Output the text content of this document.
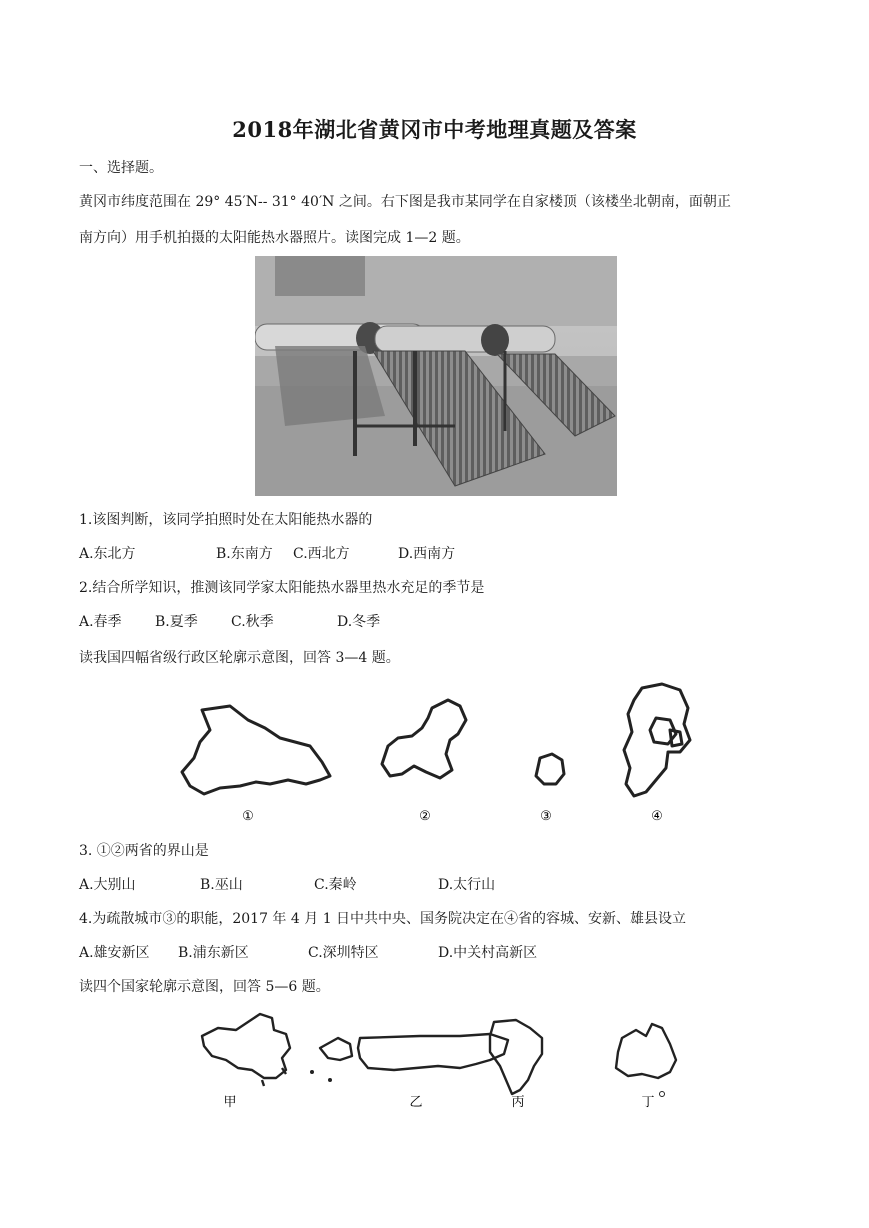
2018年湖北省黄冈市中考地理真题及答案
一、选择题。
黄冈市纬度范围在 29° 45′N-- 31° 40′N 之间。右下图是我市某同学在自家楼顶（该楼坐北朝南，面朝正
南方向）用手机拍摄的太阳能热水器照片。读图完成 1—2 题。
1.该图判断，该同学拍照时处在太阳能热水器的
A.东北方	B.东南方 C.西北方	D.西南方
2.结合所学知识，推测该同学家太阳能热水器里热水充足的季节是
A.春季 B.夏季 C.秋季	D.冬季
读我国四幅省级行政区轮廓示意图，回答 3—4 题。
①	②	③	④
3. ①②两省的界山是
A.大别山	B.巫山	C.秦岭	D.太行山
4.为疏散城市③的职能，2017 年 4 月 1 日中共中央、国务院决定在④省的容城、安新、雄县设立
A.雄安新区 B.浦东新区	C.深圳特区	D.中关村高新区
读四个国家轮廓示意图，回答 5—6 题。
甲	乙	丙	丁
